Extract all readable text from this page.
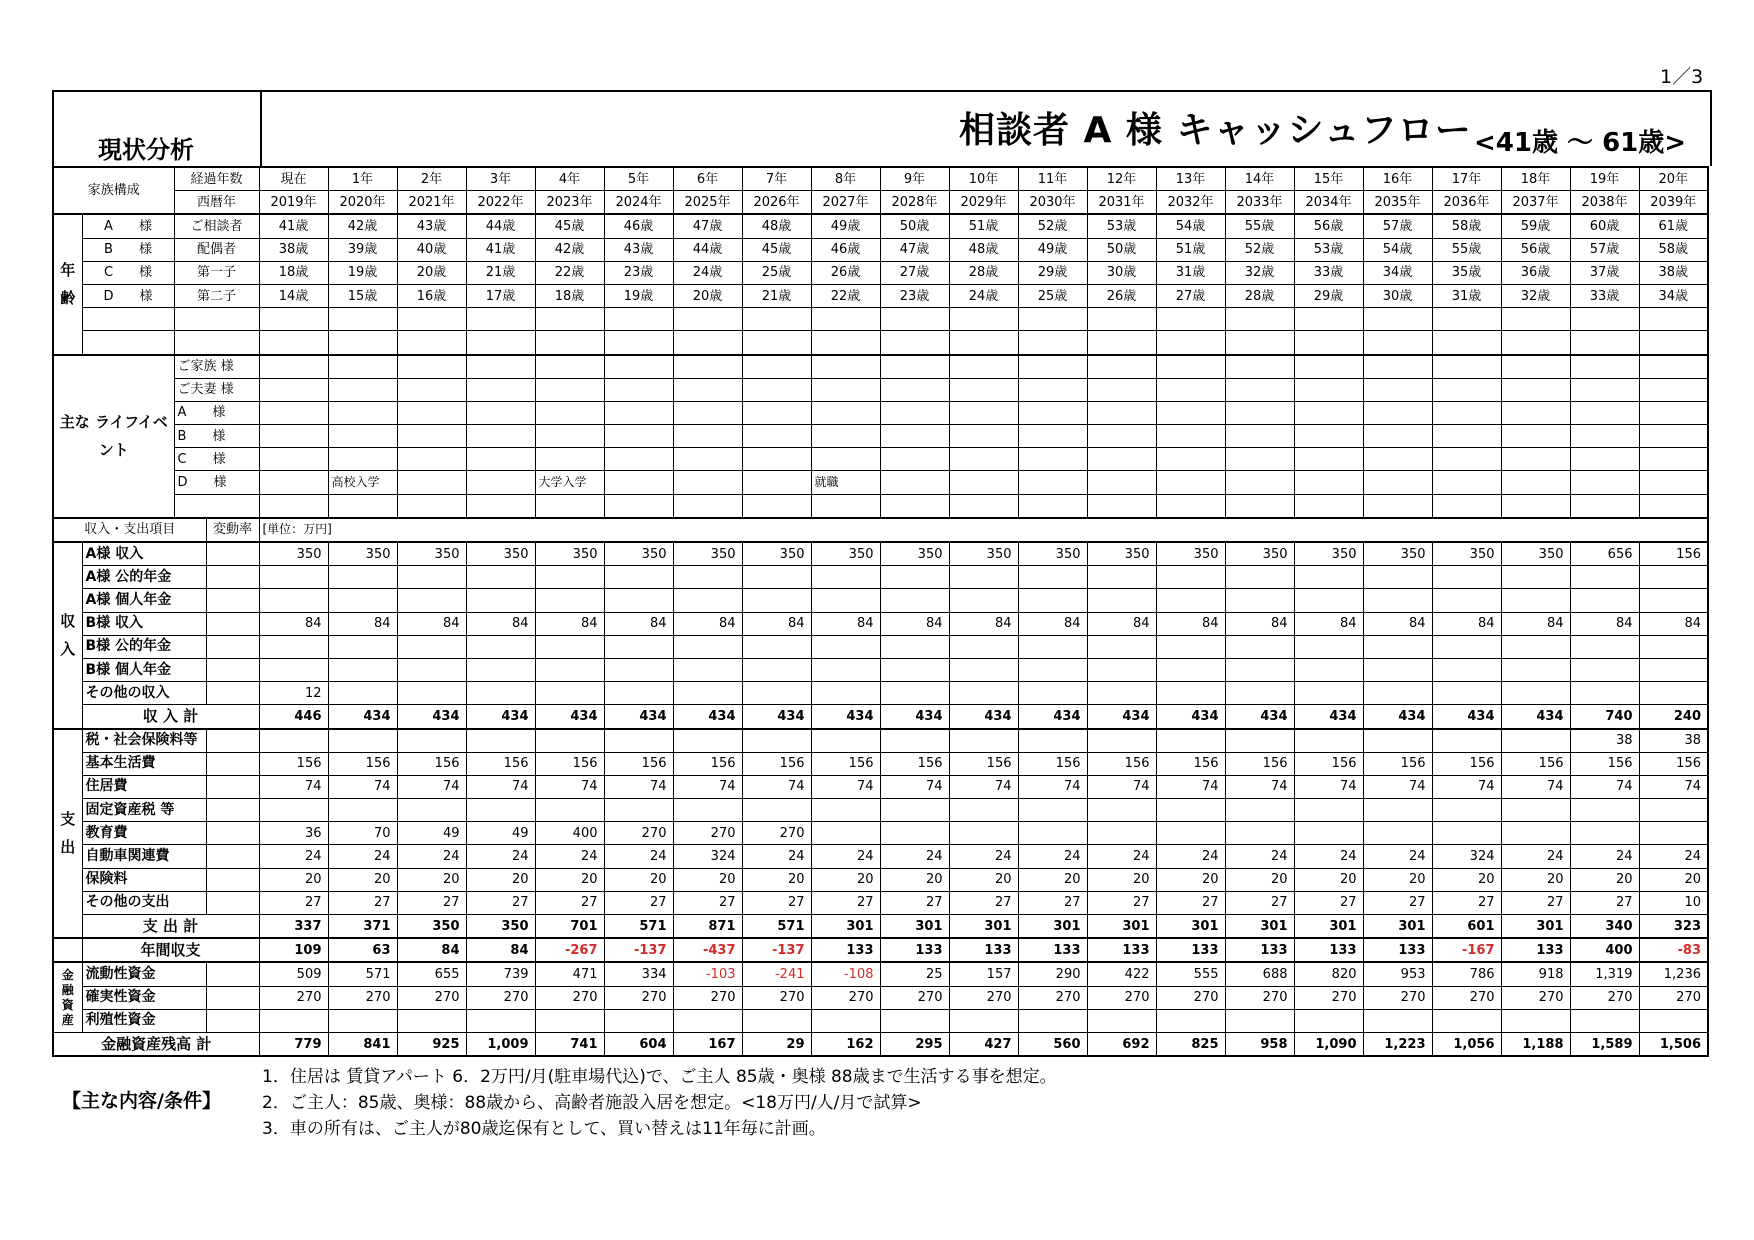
1／3
現状分析	相談者 A 様 キャッシュフロー <41歳 ～ 61歳>
家族構成		経過年数		現在	1年	2年	3年	4年	5年	6年	7年	8年	9年	10年	11年	12年	13年	14年	15年	16年	17年	18年	19年	20年
		西暦年		2019年	2020年	2021年	2022年	2023年	2024年	2025年	2026年	2027年	2028年	2029年	2030年	2031年	2032年	2033年	2034年	2035年	2036年	2037年	2038年	2039年
年齢	A　　 様	ご相談者		41歳	42歳	43歳	44歳	45歳	46歳	47歳	48歳	49歳	50歳	51歳	52歳	53歳	54歳	55歳	56歳	57歳	58歳	59歳	60歳	61歳
	B　　 様	配偶者		38歳	39歳	40歳	41歳	42歳	43歳	44歳	45歳	46歳	47歳	48歳	49歳	50歳	51歳	52歳	53歳	54歳	55歳	56歳	57歳	58歳
	C　　 様	第一子		18歳	19歳	20歳	21歳	22歳	23歳	24歳	25歳	26歳	27歳	28歳	29歳	30歳	31歳	32歳	33歳	34歳	35歳	36歳	37歳	38歳
	D　　 様	第二子		14歳	15歳	16歳	17歳	18歳	19歳	20歳	21歳	22歳	23歳	24歳	25歳	26歳	27歳	28歳	29歳	30歳	31歳	32歳	33歳	34歳

主な ライフイベント		ご家族 様																						
		ご夫妻 様																						
		A　　様																						
		B　　様																						
		C　　様																						
		D　　様			高校入学			大学入学				就職												

収入・支出項目			変動率	[単位：万円]																				
収入	A様 収入			350	350	350	350	350	350	350	350	350	350	350	350	350	350	350	350	350	350	350	656	156
	A様 公的年金																							
	A様 個人年金																							
	B様 収入			84	84	84	84	84	84	84	84	84	84	84	84	84	84	84	84	84	84	84	84	84
	B様 公的年金																							
	B様 個人年金																							
	その他の収入			12																				
	収 入 計			446	434	434	434	434	434	434	434	434	434	434	434	434	434	434	434	434	434	434	740	240
支出	税・社会保険料等																						38	38
	基本生活費			156	156	156	156	156	156	156	156	156	156	156	156	156	156	156	156	156	156	156	156	156
	住居費			74	74	74	74	74	74	74	74	74	74	74	74	74	74	74	74	74	74	74	74	74
	固定資産税 等																							
	教育費			36	70	49	49	400	270	270	270													
	自動車関連費			24	24	24	24	24	24	324	24	24	24	24	24	24	24	24	24	24	324	24	24	24
	保険料			20	20	20	20	20	20	20	20	20	20	20	20	20	20	20	20	20	20	20	20	20
	その他の支出			27	27	27	27	27	27	27	27	27	27	27	27	27	27	27	27	27	27	27	27	10
	支 出 計			337	371	350	350	701	571	871	571	301	301	301	301	301	301	301	301	301	601	301	340	323
	年間収支			109	63	84	84	-267	-137	-437	-137	133	133	133	133	133	133	133	133	133	-167	133	400	-83
金融資産	流動性資金			509	571	655	739	471	334	-103	-241	-108	25	157	290	422	555	688	820	953	786	918	1,319	1,236
	確実性資金			270	270	270	270	270	270	270	270	270	270	270	270	270	270	270	270	270	270	270	270	270
	利殖性資金																							
金融資産残高 計				779	841	925	1,009	741	604	167	29	162	295	427	560	692	825	958	1,090	1,223	1,056	1,188	1,589	1,506
【主な内容/条件】
1．住居は 賃貸アパート 6．2万円/月(駐車場代込)で、ご主人 85歳・奥様 88歳まで生活する事を想定。
2．ご主人：85歳、奥様：88歳から、高齢者施設入居を想定。<18万円/人/月で試算>
3．車の所有は、ご主人が80歳迄保有として、買い替えは11年毎に計画。
